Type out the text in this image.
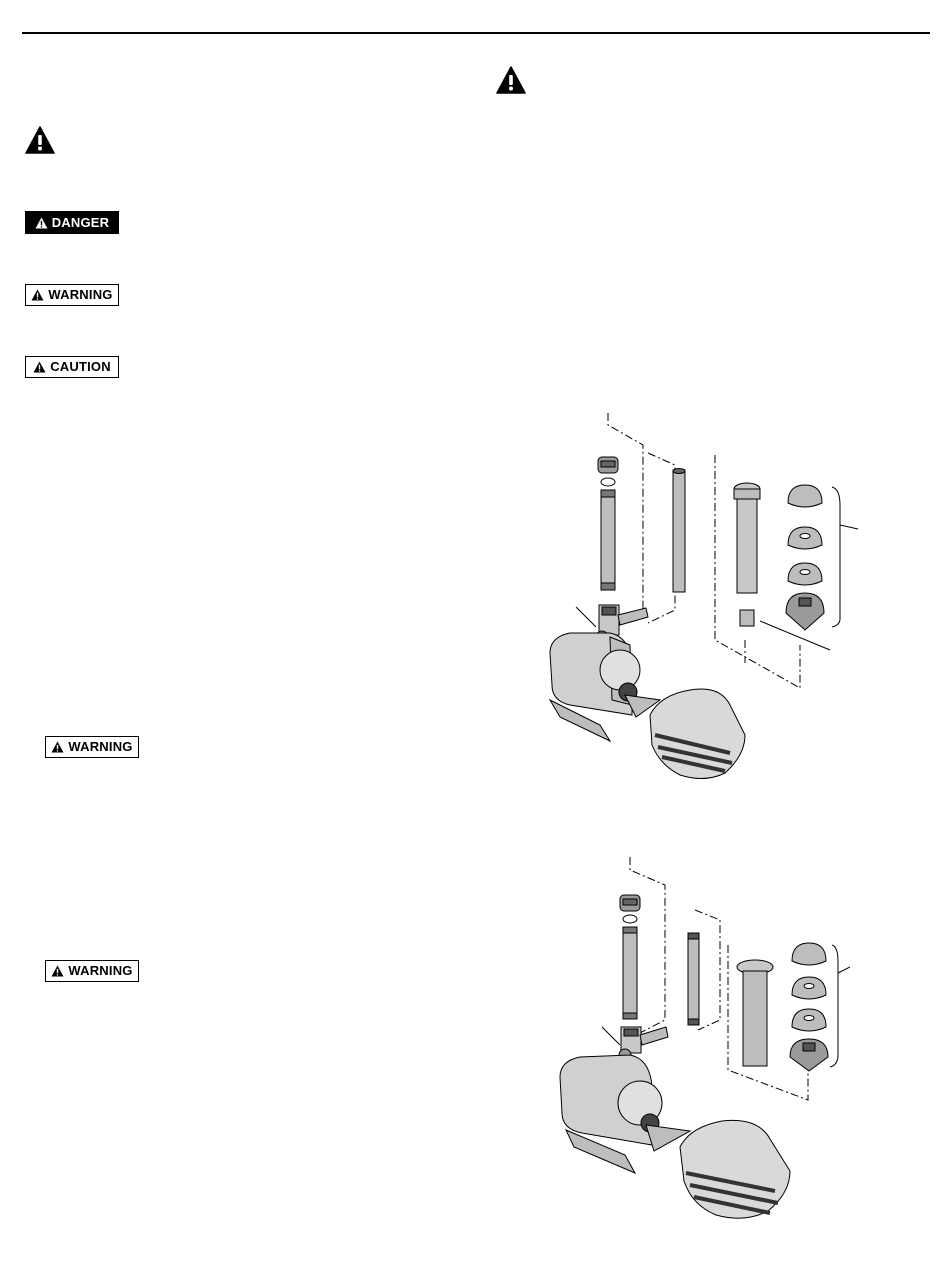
DANGER
WARNING
CAUTION
WARNING
WARNING
